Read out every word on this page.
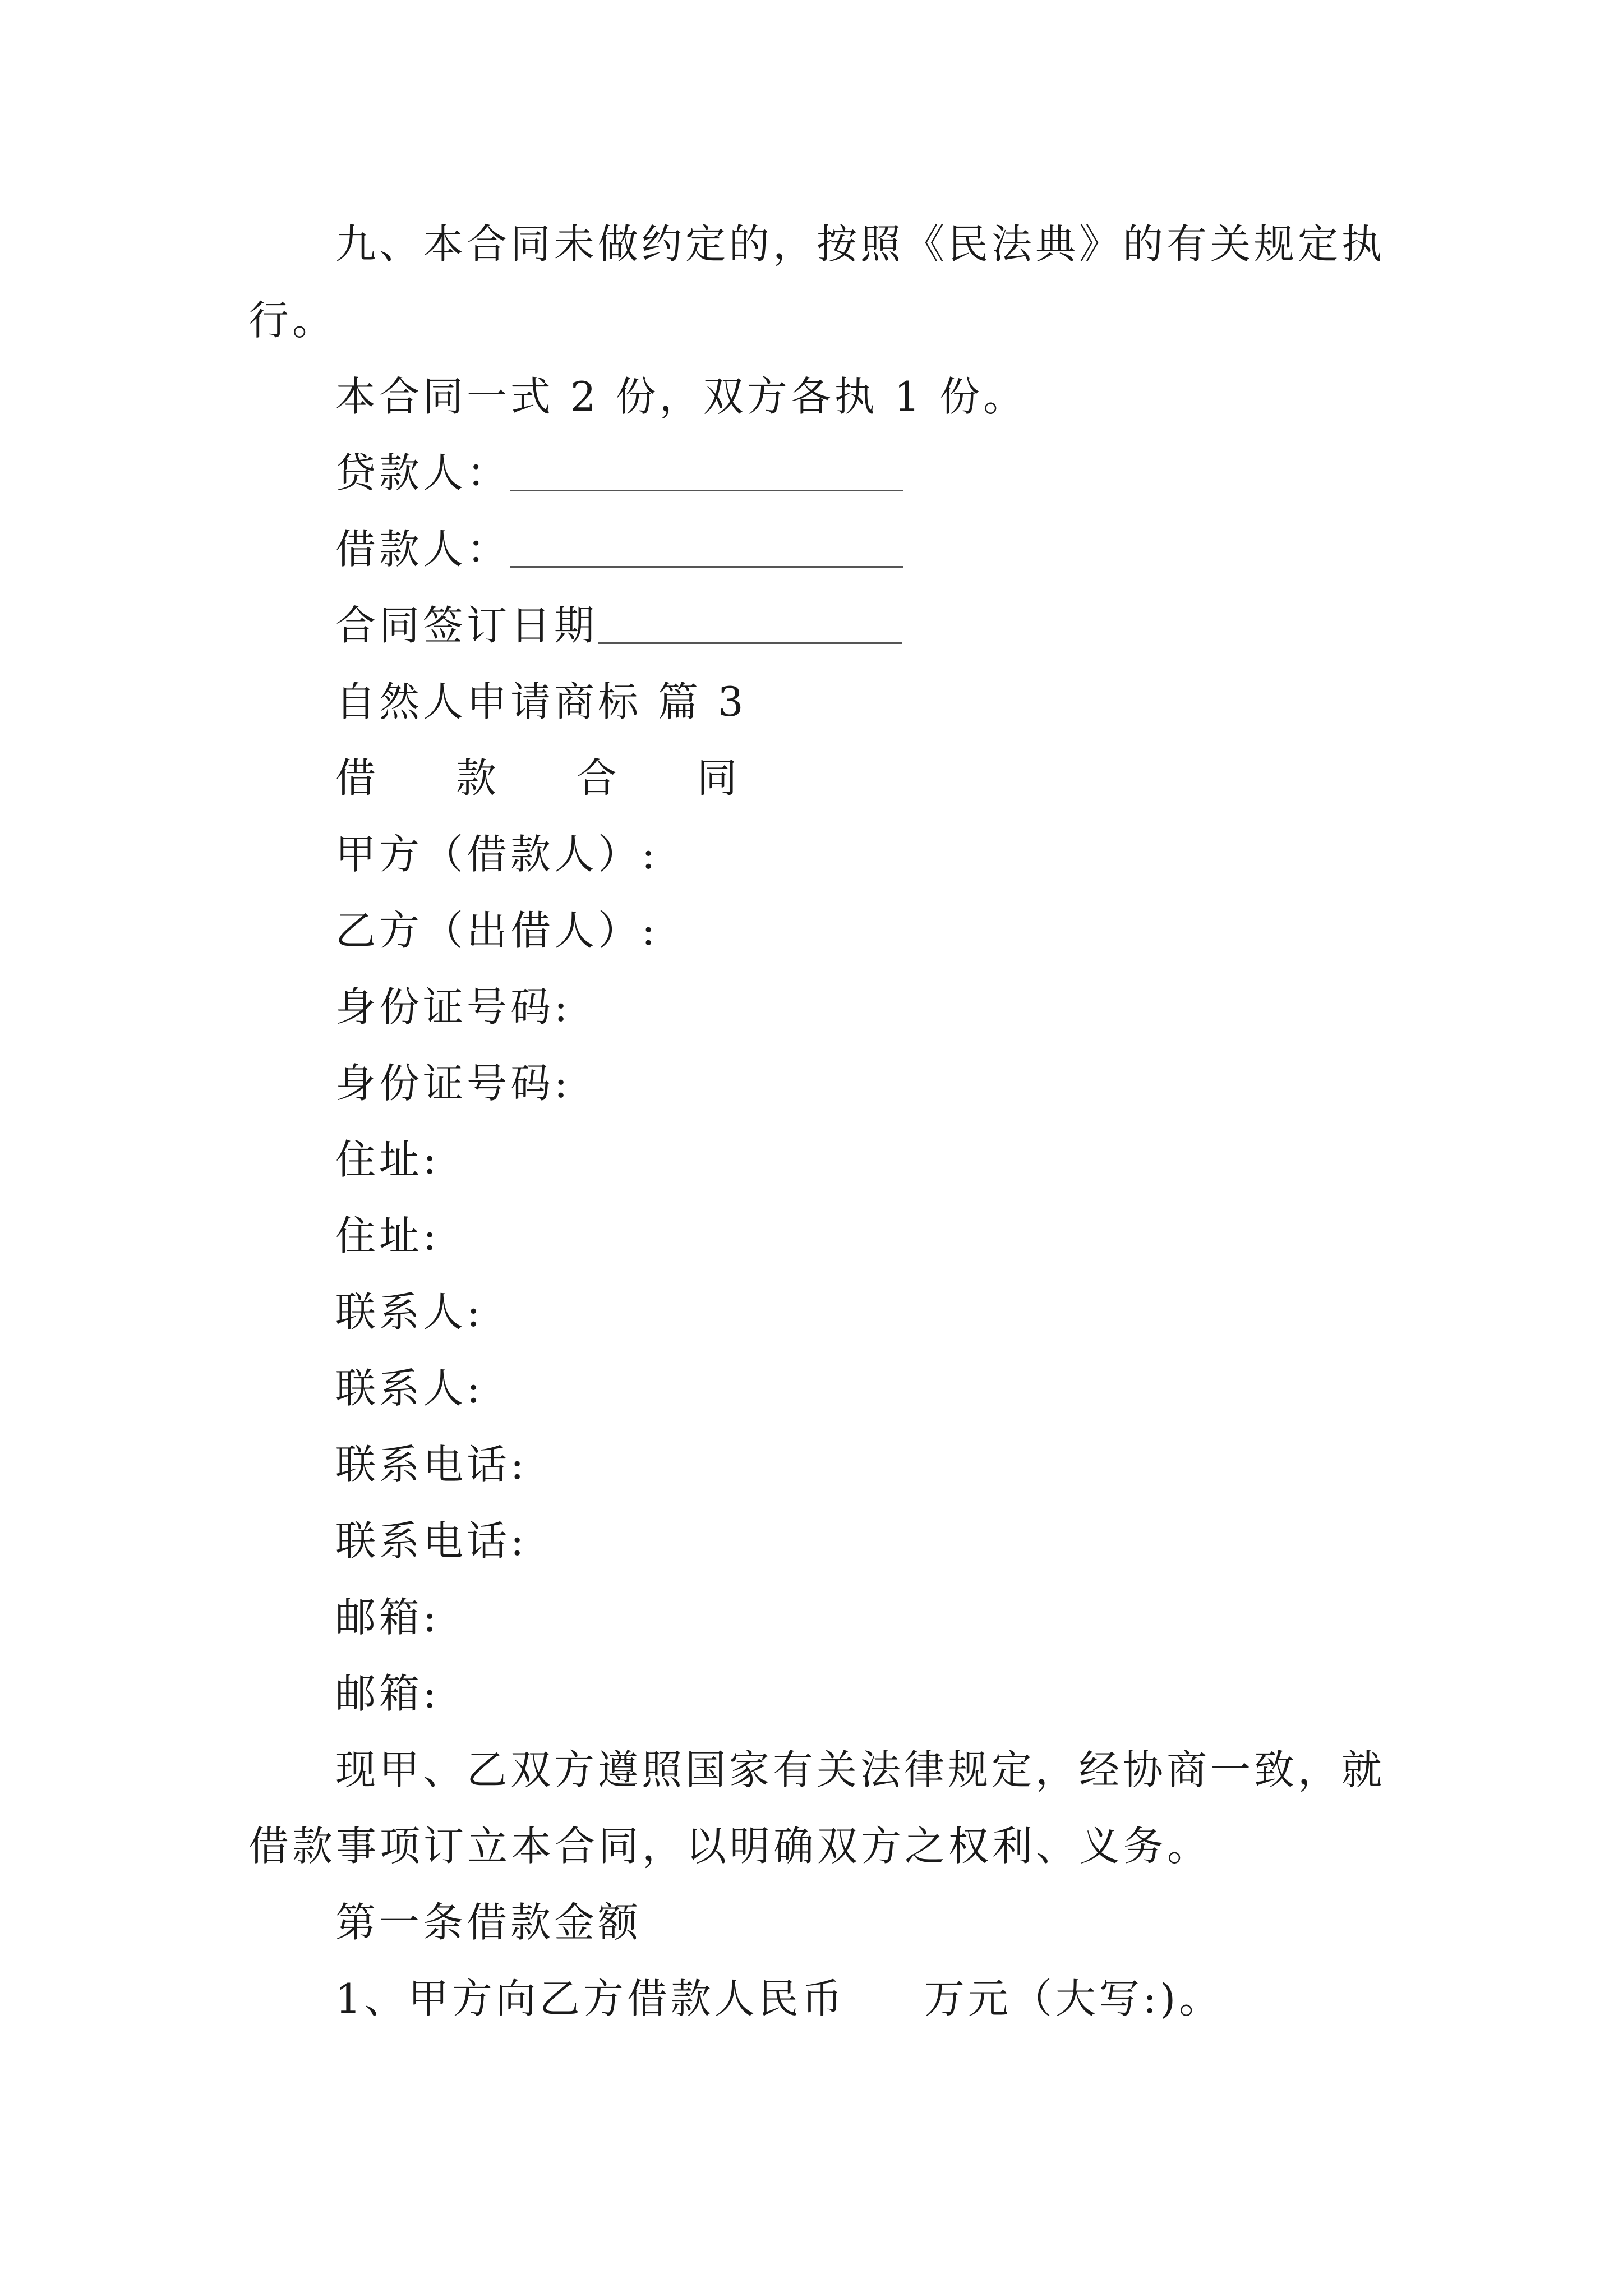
九、本合同未做约定的，按照《民法典》的有关规定执
行。
本合同一式 2 份，双方各执 1 份。
贷款人：
借款人：
合同签订日期
自然人申请商标 篇 3
借 款 合 同
甲方（借款人）:
乙方（出借人）:
身份证号码:
身份证号码:
住址:
住址:
联系人:
联系人:
联系电话:
联系电话:
邮箱:
邮箱:
现甲、乙双方遵照国家有关法律规定，经协商一致，就
借款事项订立本合同，以明确双方之权利、义务。
第一条借款金额
1、甲方向乙方借款人民币 万元（大写:)。
